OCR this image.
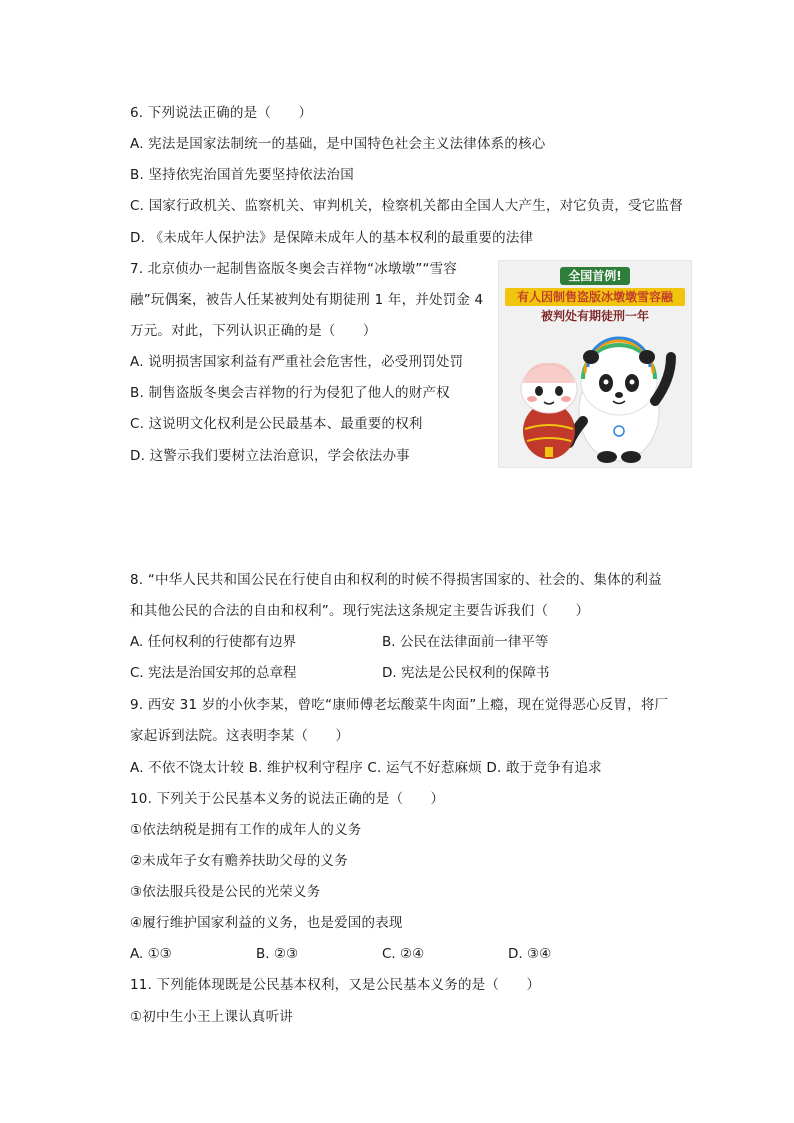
6. 下列说法正确的是（　　）
A. 宪法是国家法制统一的基础，是中国特色社会主义法律体系的核心
B. 坚持依宪治国首先要坚持依法治国
C. 国家行政机关、监察机关、审判机关，检察机关都由全国人大产生，对它负责，受它监督
D. 《未成年人保护法》是保障未成年人的基本权利的最重要的法律
7. 北京侦办一起制售盗版冬奥会吉祥物“冰墩墩”“雪容
融”玩偶案，被告人任某被判处有期徒刑 1 年，并处罚金 4
万元。对此，下列认识正确的是（　　）
A. 说明损害国家利益有严重社会危害性，必受刑罚处罚
B. 制售盗版冬奥会吉祥物的行为侵犯了他人的财产权
C. 这说明文化权利是公民最基本、最重要的权利
D. 这警示我们要树立法治意识，学会依法办事
全国首例!
有人因制售盗版冰墩墩雪容融
被判处有期徒刑一年
8. “中华人民共和国公民在行使自由和权利的时候不得损害国家的、社会的、集体的利益
和其他公民的合法的自由和权利”。现行宪法这条规定主要告诉我们（　　）
A. 任何权利的行使都有边界	B. 公民在法律面前一律平等
C. 宪法是治国安邦的总章程	D. 宪法是公民权利的保障书
9. 西安 31 岁的小伙李某，曾吃“康师傅老坛酸菜牛肉面”上瘾，现在觉得恶心反胃，将厂
家起诉到法院。这表明李某（　　）
A. 不依不饶太计较 B. 维护权利守程序 C. 运气不好惹麻烦 D. 敢于竞争有追求
10. 下列关于公民基本义务的说法正确的是（　　）
①依法纳税是拥有工作的成年人的义务
②未成年子女有赡养扶助父母的义务
③依法服兵役是公民的光荣义务
④履行维护国家利益的义务，也是爱国的表现
A. ①③	B. ②③	C. ②④	D. ③④
11. 下列能体现既是公民基本权利，又是公民基本义务的是（　　）
①初中生小王上课认真听讲
